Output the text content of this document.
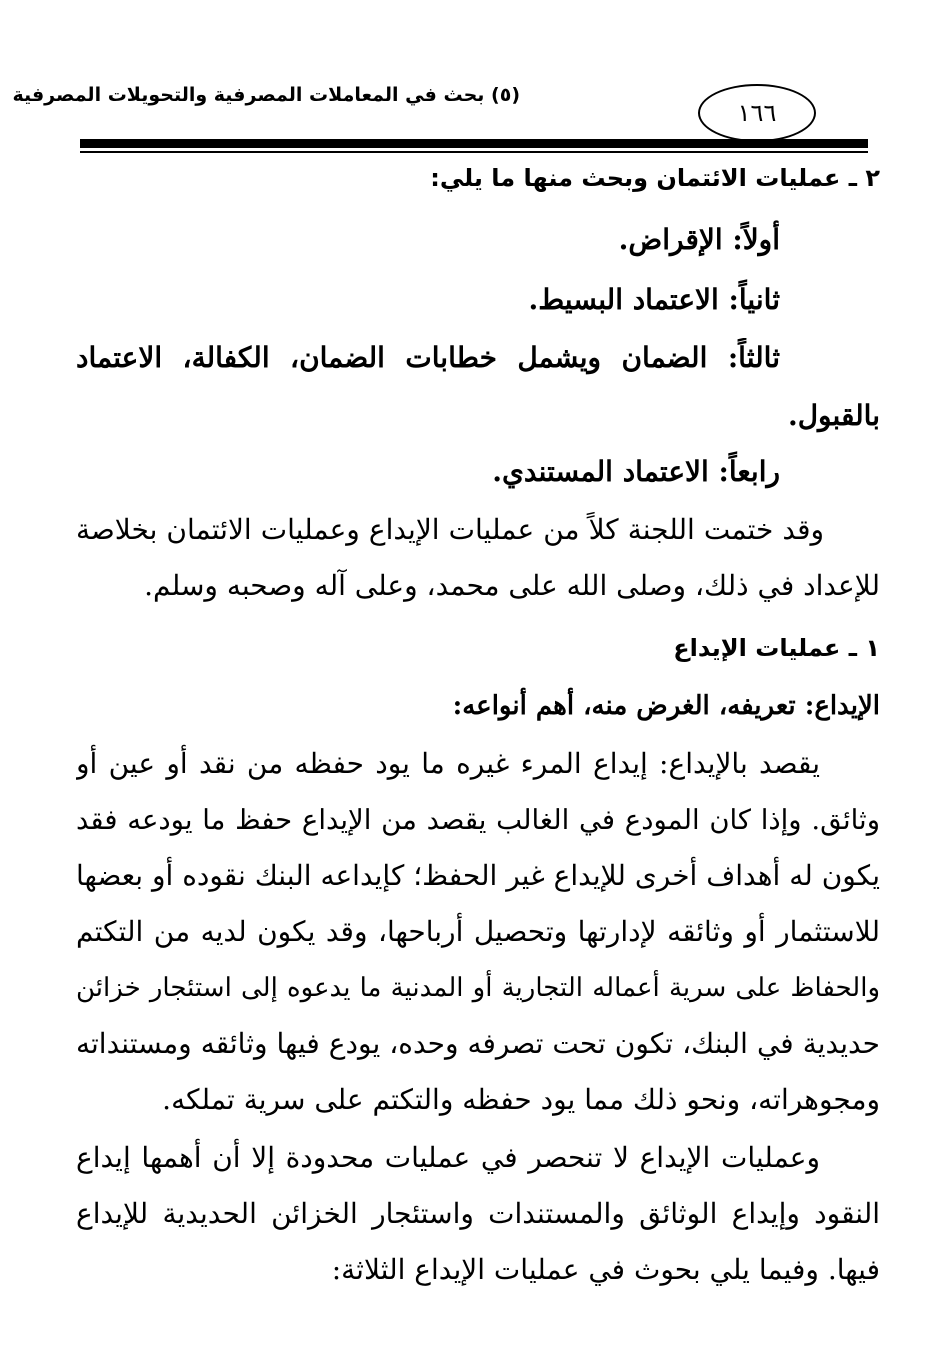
(٥) بحث في المعاملات المصرفية والتحويلات المصرفية
١٦٦
٢ ـ عمليات الائتمان وبحث منها ما يلي:
أولاً: الإقراض.
ثانياً: الاعتماد البسيط.
ثالثاً: الضمان ويشمل خطابات الضمان، الكفالة، الاعتماد
بالقبول.
رابعاً: الاعتماد المستندي.
وقد ختمت اللجنة كلاً من عمليات الإيداع وعمليات الائتمان بخلاصة
للإعداد في ذلك، وصلى الله على محمد، وعلى آله وصحبه وسلم.
١ ـ عمليات الإيداع
الإيداع: تعريفه، الغرض منه، أهم أنواعه:
يقصد بالإيداع: إيداع المرء غيره ما يود حفظه من نقد أو عين أو
وثائق. وإذا كان المودع في الغالب يقصد من الإيداع حفظ ما يودعه فقد
يكون له أهداف أخرى للإيداع غير الحفظ؛ كإيداعه البنك نقوده أو بعضها
للاستثمار أو وثائقه لإدارتها وتحصيل أرباحها، وقد يكون لديه من التكتم
والحفاظ على سرية أعماله التجارية أو المدنية ما يدعوه إلى استئجار خزائن
حديدية في البنك، تكون تحت تصرفه وحده، يودع فيها وثائقه ومستنداته
ومجوهراته، ونحو ذلك مما يود حفظه والتكتم على سرية تملكه.
وعمليات الإيداع لا تنحصر في عمليات محدودة إلا أن أهمها إيداع
النقود وإيداع الوثائق والمستندات واستئجار الخزائن الحديدية للإيداع
فيها. وفيما يلي بحوث في عمليات الإيداع الثلاثة:
